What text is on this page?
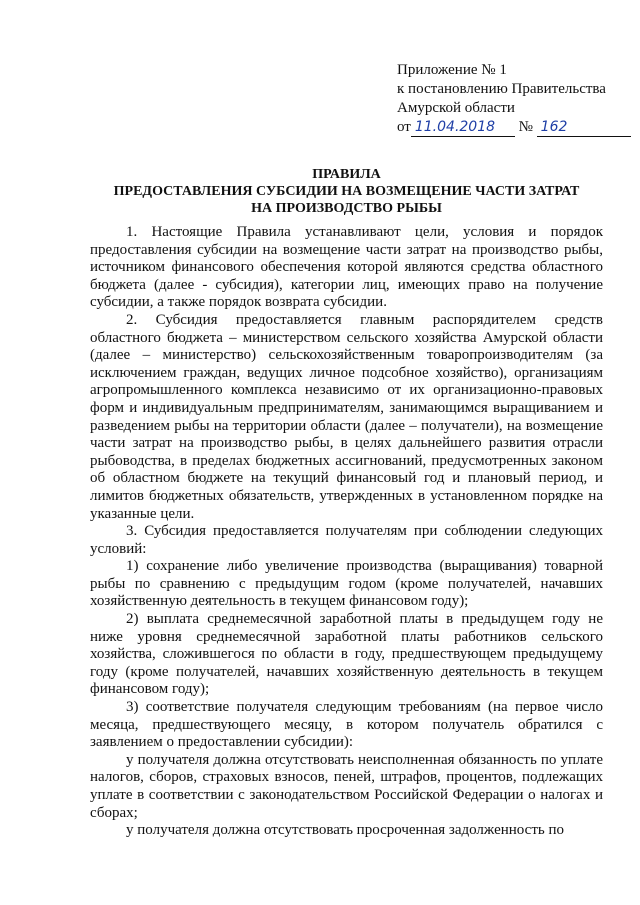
Приложение № 1
к постановлению Правительства
Амурской области
от 11.04.2018 № 162
ПРАВИЛА
ПРЕДОСТАВЛЕНИЯ СУБСИДИИ НА ВОЗМЕЩЕНИЕ ЧАСТИ ЗАТРАТ
НА ПРОИЗВОДСТВО РЫБЫ

1. Настоящие Правила устанавливают цели, условия и порядок предоставления субсидии на возмещение части затрат на производство рыбы, источником финансового обеспечения которой являются средства областного бюджета (далее - субсидия), категории лиц, имеющих право на получение субсидии, а также порядок возврата субсидии.

2. Субсидия предоставляется главным распорядителем средств областного бюджета – министерством сельского хозяйства Амурской области (далее – министерство) сельскохозяйственным товаропроизводителям (за исключением граждан, ведущих личное подсобное хозяйство), организациям агропромышленного комплекса независимо от их организационно-правовых форм и индивидуальным предпринимателям, занимающимся выращиванием и разведением рыбы на территории области (далее – получатели), на возмещение части затрат на производство рыбы, в целях дальнейшего развития отрасли рыбоводства, в пределах бюджетных ассигнований, предусмотренных законом об областном бюджете на текущий финансовый год и плановый период, и лимитов бюджетных обязательств, утвержденных в установленном порядке на указанные цели.

3. Субсидия предоставляется получателям при соблюдении следующих условий:

1) сохранение либо увеличение производства (выращивания) товарной рыбы по сравнению с предыдущим годом (кроме получателей, начавших хозяйственную деятельность в текущем финансовом году);

2) выплата среднемесячной заработной платы в предыдущем году не ниже уровня среднемесячной заработной платы работников сельского хозяйства, сложившегося по области в году, предшествующем предыдущему году (кроме получателей, начавших хозяйственную деятельность в текущем финансовом году);

3) соответствие получателя следующим требованиям (на первое число месяца, предшествующего месяцу, в котором получатель обратился с заявлением о предоставлении субсидии):

у получателя должна отсутствовать неисполненная обязанность по уплате налогов, сборов, страховых взносов, пеней, штрафов, процентов, подлежащих уплате в соответствии с законодательством Российской Федерации о налогах и сборах;

у получателя должна отсутствовать просроченная задолженность по
